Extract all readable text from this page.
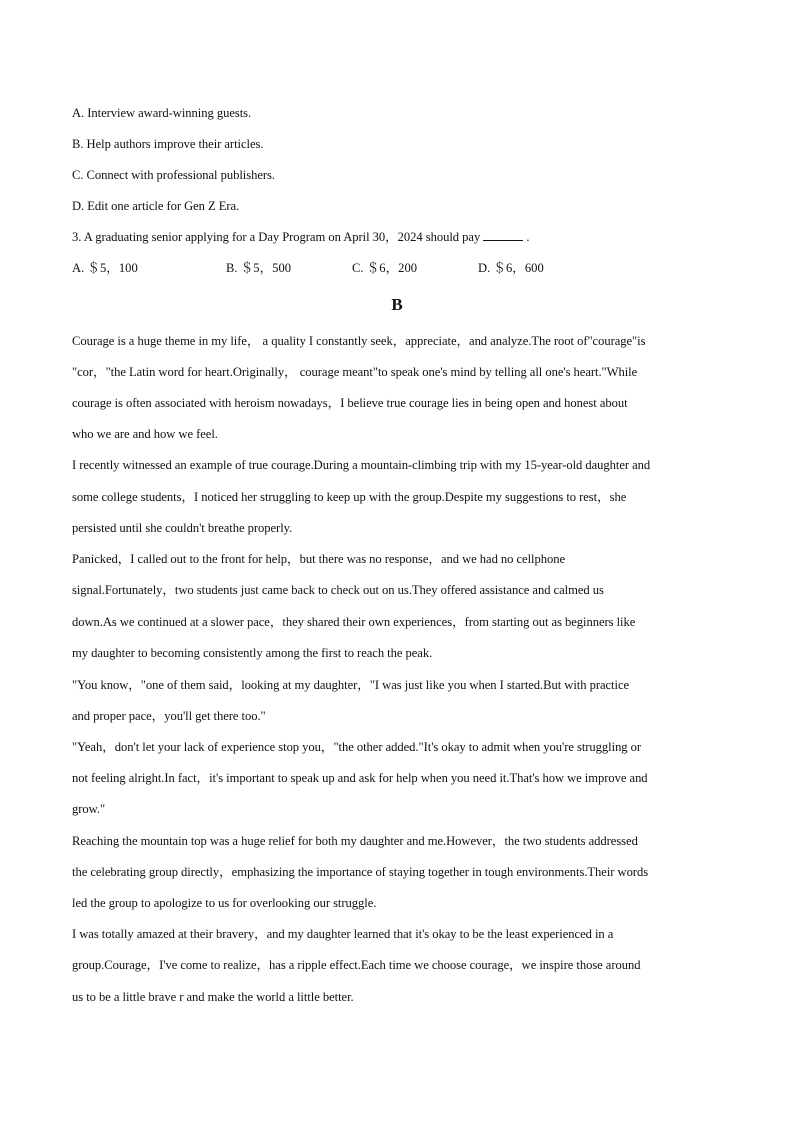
A. Interview award-winning guests.

B. Help authors improve their articles.

C. Connect with professional publishers.

D. Edit one article for Gen Z Era.

3. A graduating senior applying for a Day Program on April 30，2024 should pay	.

A. ＄5，100	B. ＄5，500	C. ＄6，200	D. ＄6，600
B

Courage is a huge theme in my life， a quality I constantly seek，appreciate，and analyze.The root of"courage"is

"cor，"the Latin word for heart.Originally， courage meant"to speak one's mind by telling all one's heart."While

courage is often associated with heroism nowadays，I believe true courage lies in being open and honest about

who we are and how we feel.

I recently witnessed an example of true courage.During a mountain-climbing trip with my 15-year-old daughter and

some college students，I noticed her struggling to keep up with the group.Despite my suggestions to rest，she

persisted until she couldn't breathe properly.

Panicked，I called out to the front for help，but there was no response，and we had no cellphone

signal.Fortunately，two students just came back to check out on us.They offered assistance and calmed us

down.As we continued at a slower pace，they shared their own experiences，from starting out as beginners like

my daughter to becoming consistently among the first to reach the peak.

"You know，"one of them said，looking at my daughter，"I was just like you when I started.But with practice

and proper pace，you'll get there too."

"Yeah，don't let your lack of experience stop you，"the other added."It's okay to admit when you're struggling or

not feeling alright.In fact，it's important to speak up and ask for help when you need it.That's how we improve and

grow."

Reaching the mountain top was a huge relief for both my daughter and me.However，the two students addressed

the celebrating group directly，emphasizing the importance of staying together in tough environments.Their words

led the group to apologize to us for overlooking our struggle.

I was totally amazed at their bravery，and my daughter learned that it's okay to be the least experienced in a

group.Courage，I've come to realize，has a ripple effect.Each time we choose courage，we inspire those around

us to be a little brave r and make the world a little better.
